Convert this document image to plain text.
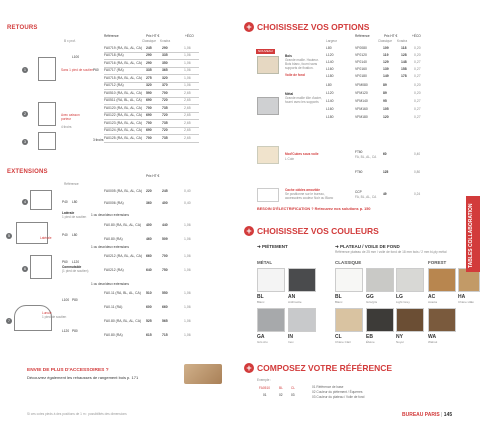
RETOURS
Référence	Prix HT €	+ÉCO
B x prof.	Classique Kvadra
FA0719 (RA, BL, AL, CA) 245	290	1,06
FA0718 (RA)	290	335	1,06
FA0716 (RA, BL, AL, CA) 290	350	1,06
FA0717 (RA)	335	365	1,06
FA0715 (RA, BL, AL, CA) 275	320	1,06
FA0712 (RA)	320	370	1,06
FA0510 (RA, BL, AL, CA) 590	700	2,65
FA0511 (RA, BL, AL, CA) 690	720	2,65
FA0120 (RA, BL, AL, CA) 700	735	2,65
FA0122 (RA, BL, AL, CA) 690	720	2,65
FA0123 (RA, BL, AL, CA) 700	735	2,65
FA0124 (RA, BL, AL, CA) 690	720	2,65
FA0125 (RA, BL, AL, CA) 700	735	2,65
1	Sans 1 pied de soutien P60
L100
2	Avec caisson porteur
4 tiroirs
3 tiroirs
3
EXTENSIONS
Référence
Prix HT €
FA0005 (RA, BL, AL, CA) 220	245	0,40
FA0006 (RA)	360	400	0,40
FA0.80 (RA, BL, AL, CA) 400	440	1,06
FA0.80 (RA)	460	509	1,06
FA0212 (RA, BL, AL, CA) 660	700	1,06
FA0212 (RA)	640	750	1,06
FA0.11 (RA, BL, AL, CA) 510	550	1,06
FA0.11 (RA)	600	660	1,06
FA0.80 (RA, BL, AL, CA) 525	565	1,06
FA0.80 (RA)	615	715	1,06
4	P40 L80
Latérale
1 pied de soutien 1 ou deux/deux extensions
5	Latérale
P40 L80
1 ou deux/deux extensions
6	Commutable
(1 pied de soutien)
P60 L120
1 ou deux/deux extensions
7
Lunule
1 pied de soutien
L100 P80
L120 P80
ENVIE DE PLUS D'ACCESSOIRES ?
Découvrez également les rehausses de rangement bois p. 171
Si ces cotes pieds à des positions de 1 m : possibilités des dimensions
+ CHOISISSEZ VOS OPTIONS
Référence	Prix HT €	+ÉCO
Largeur	Classique Kvadra
NOUVEAU
Bois
Grande maille. Hauteur. Bois blanc, fourni sans supports de fixation.
Voile de fond
Métal
Grande maille tôle d'acier, fourni avec les supports
L80	VF0080	109	118 0,20
L120	VF0120	119	128 0,20
L140	VF0140	129	148 0,27
L160	VF0160	139	158 0,27
L180	VF0180	149	178 0,27
L80	VFM080	89	0,20
L120	VFM120	89	0,20
L140	VFM140	95	0,27
L160	VFM160	105	0,27
L180	VFM180	120	0,27
Mod'Cubes sous voile
L Coin
FT60
FA, BL, AL, CA
60	0,40
FT60	125	0,80
Cache câbles amovible
Se positionne sur le bureau, accessoires couleur Noir ou Blanc
CCP
FA, BL, AL, CA
49	0,24
BESOIN D'ÉLECTRIFICATION ? Retrouvez nos solutions p. 150
+ CHOISISSEZ VOS COULEURS
➜ PIÉTEMENT	➜ PLATEAU / VOILE DE FOND
Référence plateau de 25 mm / voile de fond de 18 mm bois / 2 mm bi-ply métal
MÉTAL	CLASSIQUE	FOREST
BL
Blanc
AN
Anthracite
BL
Blanc
GG
Gris/gris
LG
Light Grey
AC
Acacia
HA
Chêne Hâlé
GA
Gris Alu
IN
Inox
CL
Chêne Clair
EB
Ébène
NY
Noyer
WA
Walnut
+ COMPOSEZ VOTRE RÉFÉRENCE
Exemple :
FA0510	BL	CL
01	02	03
01 Référence de base
02 Couleur du piètement / Équerres
03 Couleur du plateau / Voile de fond
BUREAU PARIS | 145
TABLES COLLABORATION
